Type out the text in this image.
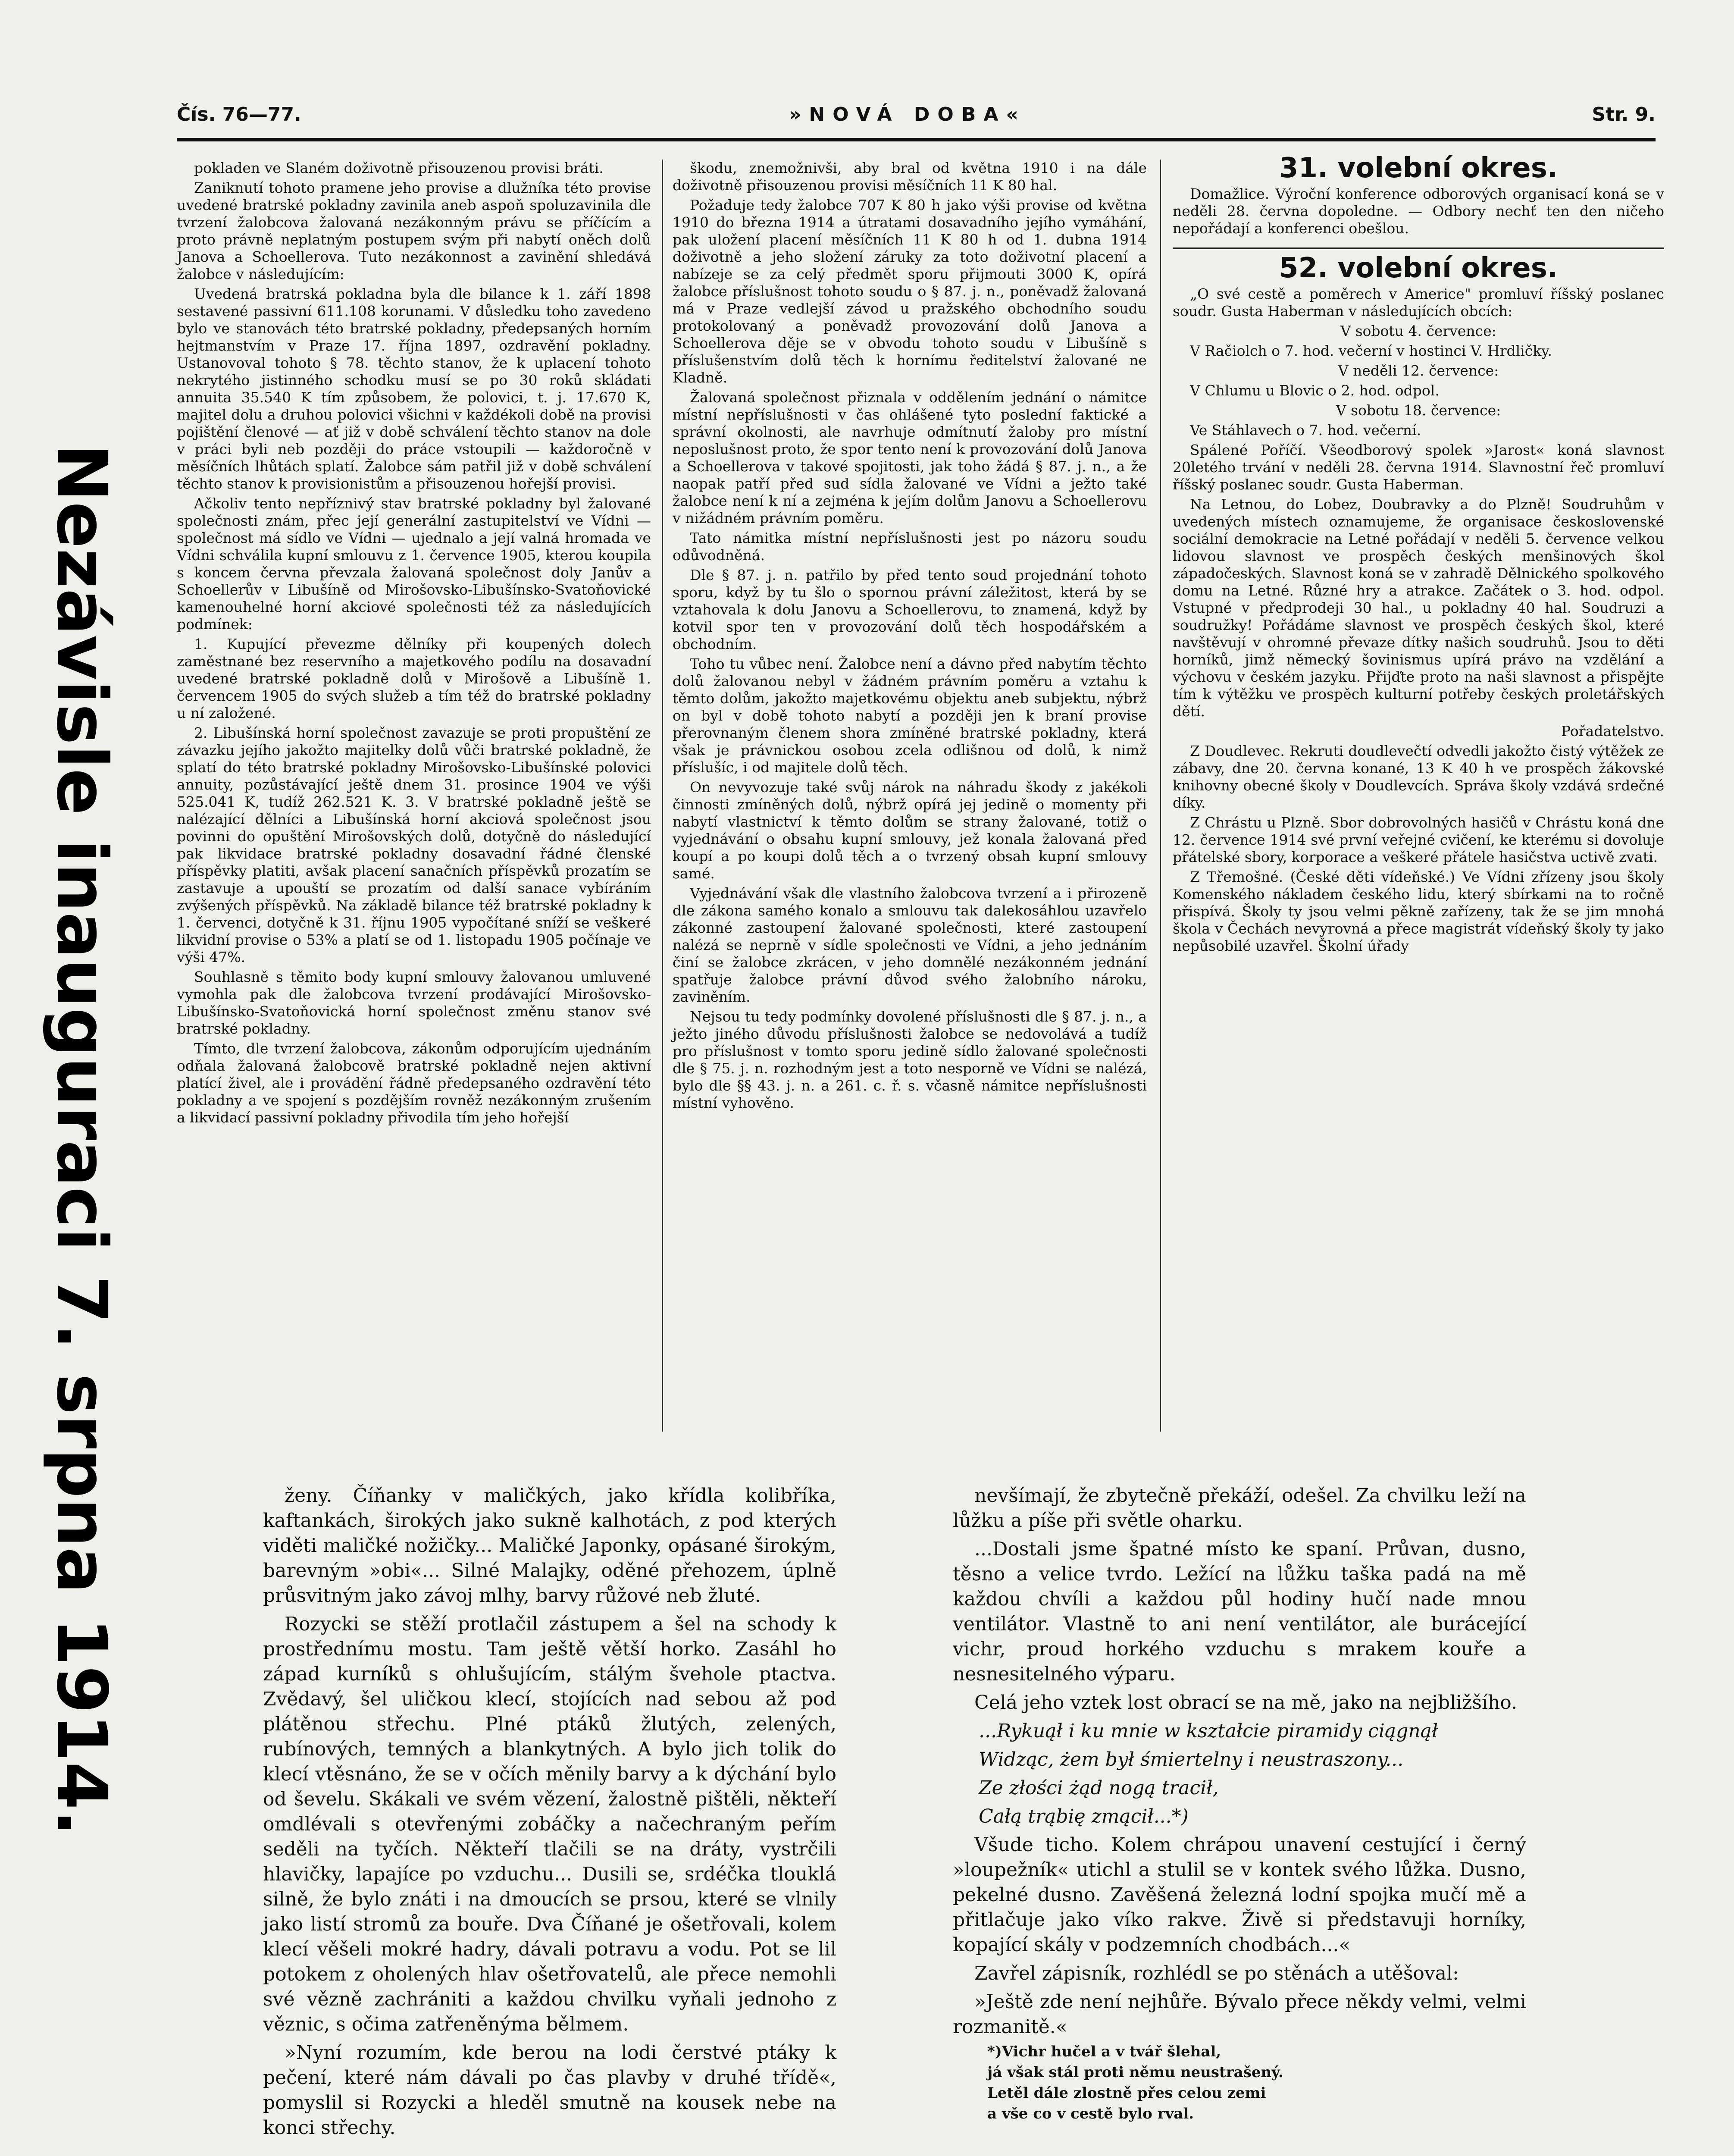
Nezávisle inauguraci 7. srpna 1914.
Čís. 76—77.	»NOVÁ DOBA«	Str. 9.

pokladen ve Slaném doživotně přisouzenou provisi bráti.

Zaniknutí tohoto pramene jeho provise a dlužníka této provise uvedené bratrské pokladny zavinila aneb aspoň spoluzavinila dle tvrzení žalobcova žalovaná nezákonným právu se příčícím a proto právně neplatným postupem svým při nabytí oněch dolů Janova a Schoellerova. Tuto nezákonnost a zavinění shledává žalobce v následujícím:

Uvedená bratrská pokladna byla dle bilance k 1. září 1898 sestavené passivní 611.108 korunami. V důsledku toho zavedeno bylo ve stanovách této bratrské pokladny, předepsaných horním hejtmanstvím v Praze 17. října 1897, ozdravění pokladny. Ustanovoval tohoto § 78. těchto stanov, že k uplacení tohoto nekrytého jistinného schodku musí se po 30 roků skládati annuita 35.540 K tím způsobem, že polovici, t. j. 17.670 K, majitel dolu a druhou polovici všichni v každékoli době na provisi pojištění členové — ať již v době schválení těchto stanov na dole v práci byli neb později do práce vstoupili — každoročně v měsíčních lhůtách splatí. Žalobce sám patřil již v době schválení těchto stanov k provisionistům a přisouzenou hořejší provisi.

Ačkoliv tento nepříznivý stav bratrské pokladny byl žalované společnosti znám, přec její generální zastupitelství ve Vídni — společnost má sídlo ve Vídni — ujednalo a její valná hromada ve Vídni schválila kupní smlouvu z 1. července 1905, kterou koupila s koncem června převzala žalovaná společnost doly Janův a Schoellerův v Libušíně od Mirošovsko-Libušínsko-Svatoňovické kamenouhelné horní akciové společnosti též za následujících podmínek:

1. Kupující převezme dělníky při koupených dolech zaměstnané bez reservního a majetkového podílu na dosavadní uvedené bratrské pokladně dolů v Mirošově a Libušíně 1. červencem 1905 do svých služeb a tím též do bratrské pokladny u ní založené.

2. Libušínská horní společnost zavazuje se proti propuštění ze závazku jejího jakožto majitelky dolů vůči bratrské pokladně, že splatí do této bratrské pokladny Mirošovsko-Libušínské polovici annuity, pozůstávající ještě dnem 31. prosince 1904 ve výši 525.041 K, tudíž 262.521 K. 3. V bratrské pokladně ještě se nalézající dělníci a Libušínská horní akciová společnost jsou povinni do opuštění Mirošovských dolů, dotyčně do následující pak likvidace bratrské pokladny dosavadní řádné členské příspěvky platiti, avšak placení sanačních příspěvků prozatím se zastavuje a upouští se prozatím od další sanace vybíráním zvýšených příspěvků. Na základě bilance též bratrské pokladny k 1. červenci, dotyčně k 31. říjnu 1905 vypočítané sníží se veškeré likvidní provise o 53% a platí se od 1. listopadu 1905 počínaje ve výši 47%.

Souhlasně s těmito body kupní smlouvy žalovanou umluvené vymohla pak dle žalobcova tvrzení prodávající Mirošovsko-Libušínsko-Svatoňovická horní společnost změnu stanov své bratrské pokladny.

Tímto, dle tvrzení žalobcova, zákonům odporujícím ujednáním odňala žalovaná žalobcově bratrské pokladně nejen aktivní platící živel, ale i provádění řádně předepsaného ozdravění této pokladny a ve spojení s pozdějším rovněž nezákonným zrušením a likvidací passivní pokladny přivodila tím jeho hořejší

škodu, znemožnivši, aby bral od května 1910 i na dále doživotně přisouzenou provisi měsíčních 11 K 80 hal.

Požaduje tedy žalobce 707 K 80 h jako výši provise od května 1910 do března 1914 a útratami dosavadního jejího vymáhání, pak uložení placení měsíčních 11 K 80 h od 1. dubna 1914 doživotně a jeho složení záruky za toto doživotní placení a nabízeje se za celý předmět sporu přijmouti 3000 K, opírá žalobce příslušnost tohoto soudu o § 87. j. n., poněvadž žalovaná má v Praze vedlejší závod u pražského obchodního soudu protokolovaný a poněvadž provozování dolů Janova a Schoellerova děje se v obvodu tohoto soudu v Libušíně s příslušenstvím dolů těch k hornímu ředitelství žalované ne Kladně.

Žalovaná společnost přiznala v oddělením jednání o námitce místní nepříslušnosti v čas ohlášené tyto poslední faktické a správní okolnosti, ale navrhuje odmítnutí žaloby pro místní neposlušnost proto, že spor tento není k provozování dolů Janova a Schoellerova v takové spojitosti, jak toho žádá § 87. j. n., a že naopak patří před sud sídla žalované ve Vídni a ježto také žalobce není k ní a zejména k jejím dolům Janovu a Schoellerovu v nižádném právním poměru.

Tato námitka místní nepříslušnosti jest po názoru soudu odůvodněná.

Dle § 87. j. n. patřilo by před tento soud projednání tohoto sporu, když by tu šlo o spornou právní záležitost, která by se vztahovala k dolu Janovu a Schoellerovu, to znamená, když by kotvil spor ten v provozování dolů těch hospodářském a obchodním.

Toho tu vůbec není. Žalobce není a dávno před nabytím těchto dolů žalovanou nebyl v žádném právním poměru a vztahu k těmto dolům, jakožto majetkovému objektu aneb subjektu, nýbrž on byl v době tohoto nabytí a později jen k braní provise přerovnaným členem shora zmíněné bratrské pokladny, která však je právnickou osobou zcela odlišnou od dolů, k nimž příslušíc, i od majitele dolů těch.

On nevyvozuje také svůj nárok na náhradu škody z jakékoli činnosti zmíněných dolů, nýbrž opírá jej jedině o momenty při nabytí vlastnictví k těmto dolům se strany žalované, totiž o vyjednávání o obsahu kupní smlouvy, jež konala žalovaná před koupí a po koupi dolů těch a o tvrzený obsah kupní smlouvy samé.

Vyjednávání však dle vlastního žalobcova tvrzení a i přirozeně dle zákona samého konalo a smlouvu tak dalekosáhlou uzavřelo zákonné zastoupení žalované společnosti, které zastoupení nalézá se neprně v sídle společnosti ve Vídni, a jeho jednáním činí se žalobce zkrácen, v jeho domnělé nezákonném jednání spatřuje žalobce právní důvod svého žalobního nároku, zaviněním.

Nejsou tu tedy podmínky dovolené příslušnosti dle § 87. j. n., a ježto jiného důvodu příslušnosti žalobce se nedovolává a tudíž pro příslušnost v tomto sporu jedině sídlo žalované společnosti dle § 75. j. n. rozhodným jest a toto nesporně ve Vídni se nalézá, bylo dle §§ 43. j. n. a 261. c. ř. s. včasně námitce nepříslušnosti místní vyhověno.

31. volební okres.

Domažlice. Výroční konference odborových organisací koná se v neděli 28. června dopoledne. — Odbory nechť ten den ničeho nepořádají a konferenci obešlou.

52. volební okres.

„O své cestě a poměrech v Americe" promluví říšský poslanec soudr. Gusta Haberman v následujících obcích:

V sobotu 4. července:

V Račiolch o 7. hod. večerní v hostinci V. Hrdličky.

V neděli 12. července:

V Chlumu u Blovic o 2. hod. odpol.

V sobotu 18. července:

Ve Stáhlavech o 7. hod. večerní.

Spálené Poříčí. Všeodborový spolek »Jarost« koná slavnost 20letého trvání v neděli 28. června 1914. Slavnostní řeč promluví říšský poslanec soudr. Gusta Haberman.

Na Letnou, do Lobez, Doubravky a do Plzně! Soudruhům v uvedených místech oznamujeme, že organisace československé sociální demokracie na Letné pořádají v neděli 5. července velkou lidovou slavnost ve prospěch českých menšinových škol západočeských. Slavnost koná se v zahradě Dělnického spolkového domu na Letné. Různé hry a atrakce. Začátek o 3. hod. odpol. Vstupné v předprodeji 30 hal., u pokladny 40 hal. Soudruzi a soudružky! Pořádáme slavnost ve prospěch českých škol, které navštěvují v ohromné převaze dítky našich soudruhů. Jsou to děti horníků, jimž německý šovinismus upírá právo na vzdělání a výchovu v českém jazyku. Přijďte proto na naši slavnost a přispějte tím k výtěžku ve prospěch kulturní potřeby českých proletářských dětí.

Pořadatelstvo.

Z Doudlevec. Rekruti doudlevečtí odvedli jakožto čistý výtěžek ze zábavy, dne 20. června konané, 13 K 40 h ve prospěch žákovské knihovny obecné školy v Doudlevcích. Správa školy vzdává srdečné díky.

Z Chrástu u Plzně. Sbor dobrovolných hasičů v Chrástu koná dne 12. července 1914 své první veřejné cvičení, ke kterému si dovoluje přátelské sbory, korporace a veškeré přátele hasičstva uctivě zvati.

Z Třemošné. (České děti vídeňské.) Ve Vídni zřízeny jsou školy Komenského nákladem českého lidu, který sbírkami na to ročně přispívá. Školy ty jsou velmi pěkně zařízeny, tak že se jim mnohá škola v Čechách nevyrovná a přece magistrát vídeňský školy ty jako nepůsobilé uzavřel. Školní úřady

ženy. Číňanky v maličkých, jako křídla kolibříka, kaftankách, širokých jako sukně kalhotách, z pod kterých viděti maličké nožičky... Maličké Japonky, opásané širokým, barevným »obi«... Silné Malajky, oděné přehozem, úplně průsvitným jako závoj mlhy, barvy růžové neb žluté.

Rozycki se stěží protlačil zástupem a šel na schody k prostřednímu mostu. Tam ještě větší horko. Zasáhl ho západ kurníků s ohlušujícím, stálým švehole ptactva. Zvědavý, šel uličkou klecí, stojících nad sebou až pod plátěnou střechu. Plné ptáků žlutých, zelených, rubínových, temných a blankytných. A bylo jich tolik do klecí vtěsnáno, že se v očích měnily barvy a k dýchání bylo od ševelu. Skákali ve svém vězení, žalostně pištěli, někteří omdlévali s otevřenými zobáčky a načechraným peřím seděli na tyčích. Někteří tlačili se na dráty, vystrčili hlavičky, lapajíce po vzduchu... Dusili se, srdéčka tlouklá silně, že bylo znáti i na dmoucích se prsou, které se vlnily jako listí stromů za bouře. Dva Číňané je ošetřovali, kolem klecí věšeli mokré hadry, dávali potravu a vodu. Pot se lil potokem z oholených hlav ošetřovatelů, ale přece nemohli své vězně zachrániti a každou chvilku vyňali jednoho z věznic, s očima zatřeněnýma bělmem.

»Nyní rozumím, kde berou na lodi čerstvé ptáky k pečení, které nám dávali po čas plavby v druhé třídě«, pomyslil si Rozycki a hleděl smutně na kousek nebe na konci střechy.

nevšímají, že zbytečně překáží, odešel. Za chvilku leží na lůžku a píše při světle oharku.

...Dostali jsme špatné místo ke spaní. Průvan, dusno, těsno a velice tvrdo. Ležící na lůžku taška padá na mě každou chvíli a každou půl hodiny hučí nade mnou ventilátor. Vlastně to ani není ventilátor, ale burácející vichr, proud horkého vzduchu s mrakem kouře a nesnesitelného výparu.

Celá jeho vztek lost obrací se na mě, jako na nejbližšího.

...Rykuął i ku mnie w kształcie piramidy ciągnął

Widząc, żem był śmiertelny i neustraszony...

Ze złości żąd nogą tracił,

Całą trąbię zmącił...*)

Všude ticho. Kolem chrápou unavení cestující i černý »loupežník« utichl a stulil se v kontek svého lůžka. Dusno, pekelné dusno. Zavěšená železná lodní spojka mučí mě a přitlačuje jako víko rakve. Živě si představuji horníky, kopající skály v podzemních chodbách...«

Zavřel zápisník, rozhlédl se po stěnách a utěšoval:

»Ještě zde není nejhůře. Bývalo přece někdy velmi, velmi rozmanitě.«

*)Vichr hučel a v tvář šlehal,

já však stál proti němu neustrašený.

Letěl dále zlostně přes celou zemi

a vše co v cestě bylo rval.
